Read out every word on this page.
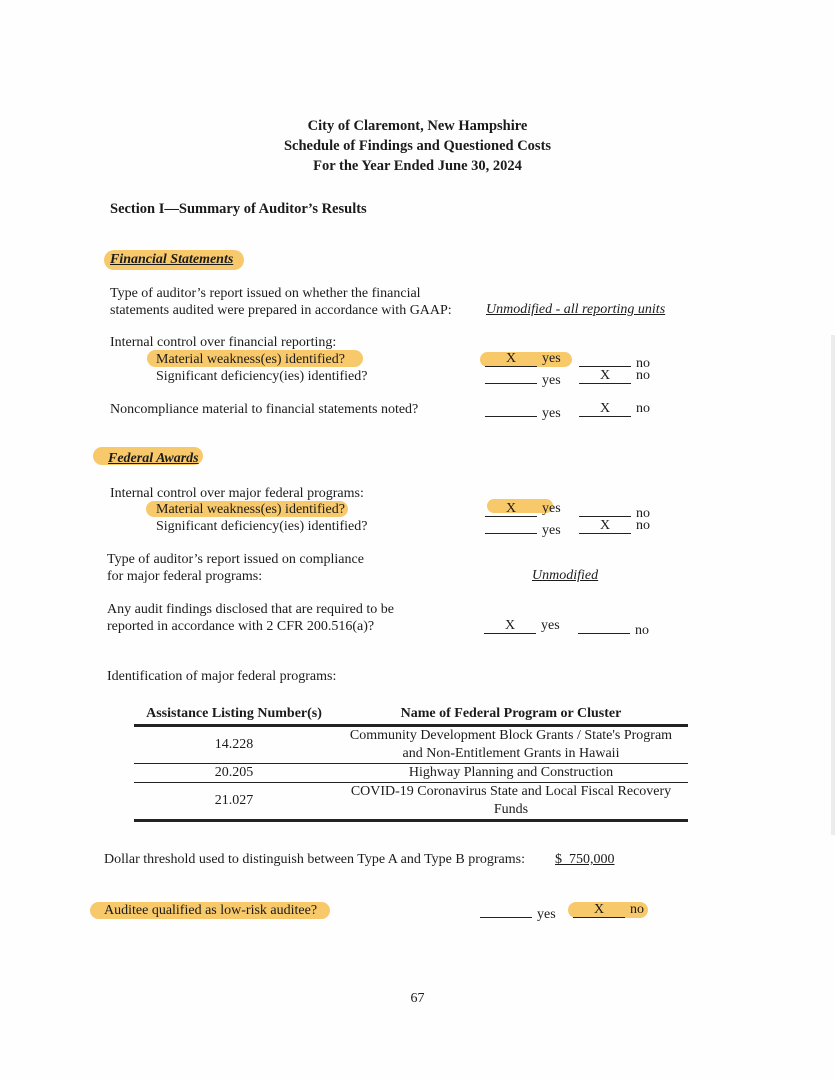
City of Claremont, New Hampshire
Schedule of Findings and Questioned Costs
For the Year Ended June 30, 2024
Section I—Summary of Auditor’s Results
Financial Statements
Type of auditor’s report issued on whether the financial
statements audited were prepared in accordance with GAAP: Unmodified - all reporting units
Internal control over financial reporting:
Material weakness(es) identified?	X yes	no
Significant deficiency(ies) identified?	yes	X no
Noncompliance material to financial statements noted?	yes	X no
Federal Awards
Internal control over major federal programs:
Material weakness(es) identified?	X yes	no
Significant deficiency(ies) identified?	yes	X no
Type of auditor’s report issued on compliance
for major federal programs:	Unmodified
Any audit findings disclosed that are required to be
reported in accordance with 2 CFR 200.516(a)?	X yes	no
Identification of major federal programs:
Assistance Listing Number(s)	Name of Federal Program or Cluster
14.228	Community Development Block Grants / State's Program
and Non-Entitlement Grants in Hawaii

20.205	Highway Planning and Construction
21.027	COVID-19 Coronavirus State and Local Fiscal Recovery
Funds
Dollar threshold used to distinguish between Type A and Type B programs: $  750,000
Auditee qualified as low-risk auditee?	yes	X no
67
